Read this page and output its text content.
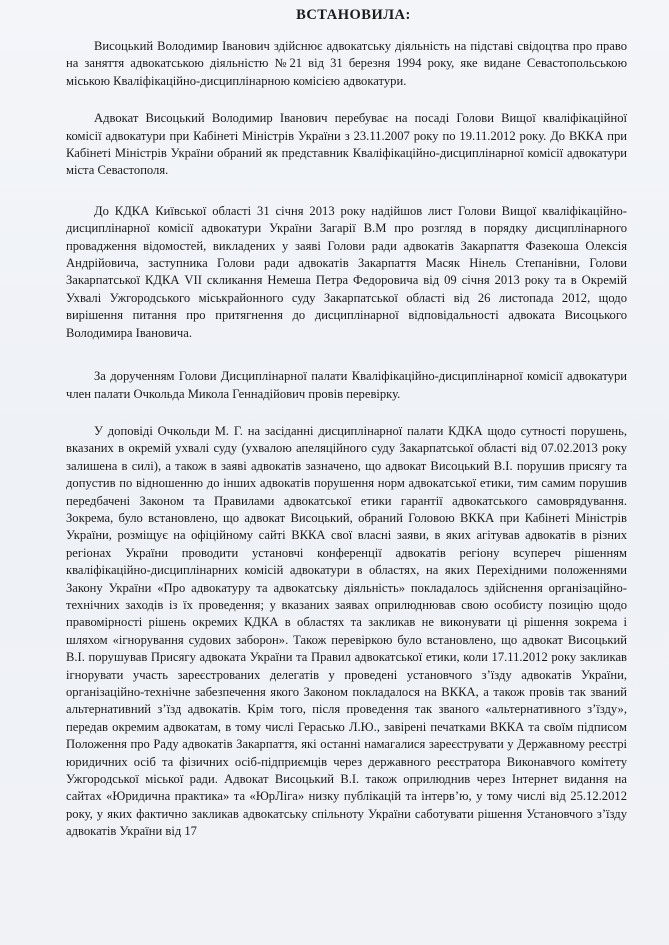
ВСТАНОВИЛА:

Висоцький Володимир Іванович здійснює адвокатську діяльність на підставі свідоцтва про право на заняття адвокатською діяльністю №21 від 31 березня 1994 року, яке видане Севастопольською міською Кваліфікаційно-дисциплінарною комісією адвокатури.

Адвокат Висоцький Володимир Іванович перебуває на посаді Голови Вищої кваліфікаційної комісії адвокатури при Кабінеті Міністрів України з 23.11.2007 року по 19.11.2012 року. До ВККА при Кабінеті Міністрів України обраний як представник Кваліфікаційно-дисциплінарної комісії адвокатури міста Севастополя.

До КДКА Київської області 31 січня 2013 року надійшов лист Голови Вищої кваліфікаційно-дисциплінарної комісії адвокатури України Загарії В.М про розгляд в порядку дисциплінарного провадження відомостей, викладених у заяві Голови ради адвокатів Закарпаття Фазекоша Олексія Андрійовича, заступника Голови ради адвокатів Закарпаття Масяк Нінель Степанівни, Голови Закарпатської КДКА VII скликання Немеша Петра Федоровича від 09 січня 2013 року та в Окремій Ухвалі Ужгородського міськрайонного суду Закарпатської області від 26 листопада 2012, щодо вирішення питання про притягнення до дисциплінарної відповідальності адвоката Висоцького Володимира Івановича.

За дорученням Голови Дисциплінарної палати Кваліфікаційно-дисциплінарної комісії адвокатури член палати Очкольда Микола Геннадійович провів перевірку.

У доповіді Очкольди М. Г. на засіданні дисциплінарної палати КДКА щодо сутності порушень, вказаних в окремій ухвалі суду (ухвалою апеляційного суду Закарпатської області від 07.02.2013 року залишена в силі), а також в заяві адвокатів зазначено, що адвокат Висоцький В.І. порушив присягу та допустив по відношенню до інших адвокатів порушення норм адвокатської етики, тим самим порушив передбачені Законом та Правилами адвокатської етики гарантії адвокатського самоврядування. Зокрема, було встановлено, що адвокат Висоцький, обраний Головою ВККА при Кабінеті Міністрів України, розміщує на офіційному сайті ВККА свої власні заяви, в яких агітував адвокатів в різних регіонах України проводити установчі конференції адвокатів регіону всупереч рішенням кваліфікаційно-дисциплінарних комісій адвокатури в областях, на яких Перехідними положеннями Закону України «Про адвокатуру та адвокатську діяльність» покладалось здійснення організаційно-технічних заходів із їх проведення; у вказаних заявах оприлюднював свою особисту позицію щодо правомірності рішень окремих КДКА в областях та закликав не виконувати ці рішення зокрема і шляхом «ігнорування судових заборон». Також перевіркою було встановлено, що адвокат Висоцький В.І. порушував Присягу адвоката України та Правил адвокатської етики, коли 17.11.2012 року закликав ігнорувати участь зареєстрованих делегатів у проведені установчого з’їзду адвокатів України, організаційно-технічне забезпечення якого Законом покладалося на ВККА, а також провів так званий альтернативний з’їзд адвокатів. Крім того, після проведення так званого «альтернативного з’їзду», передав окремим адвокатам, в тому числі Герасько Л.Ю., завірені печатками ВККА та своїм підписом Положення про Раду адвокатів Закарпаття, які останні намагалися зареєструвати у Державному реєстрі юридичних осіб та фізичних осіб-підприємців через державного реєстратора Виконавчого комітету Ужгородської міської ради. Адвокат Висоцький В.І. також оприлюднив через Інтернет видання на сайтах «Юридична практика» та «ЮрЛіга» низку публікацій та інтерв’ю, у тому числі від 25.12.2012 року, у яких фактично закликав адвокатську спільноту України саботувати рішення Установчого з’їзду адвокатів України від 17
